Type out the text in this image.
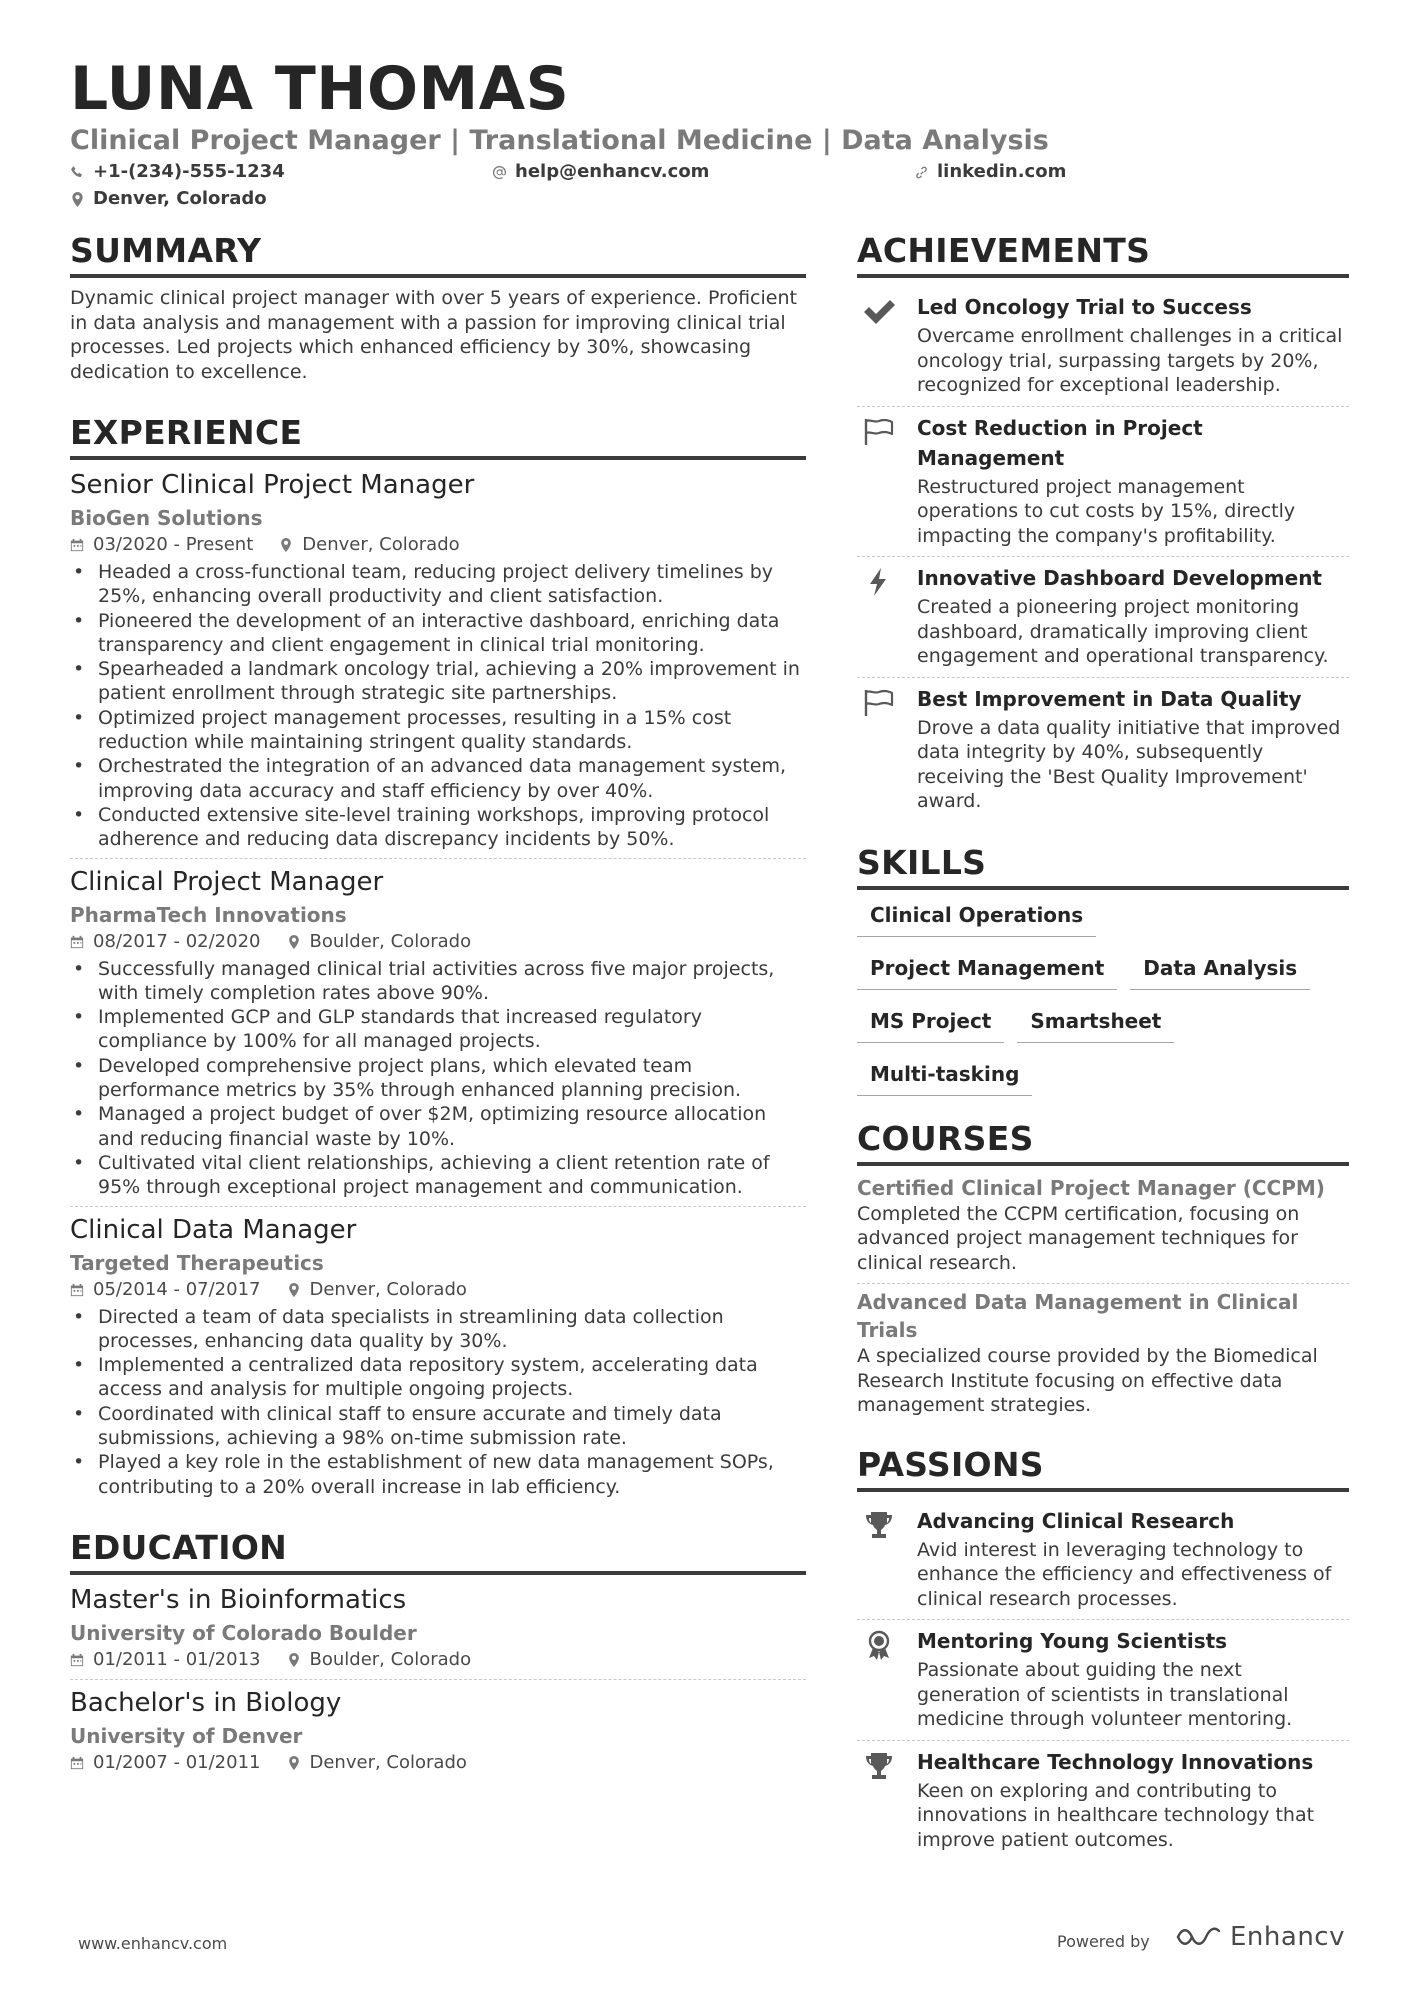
LUNA THOMAS
Clinical Project Manager | Translational Medicine | Data Analysis
+1-(234)-555-1234	help@enhancv.com	linkedin.com
Denver, Colorado
SUMMARY
Dynamic clinical project manager with over 5 years of experience. Proficient in data analysis and management with a passion for improving clinical trial processes. Led projects which enhanced efficiency by 30%, showcasing dedication to excellence.
EXPERIENCE
Senior Clinical Project Manager
BioGen Solutions
03/2020 - Present	Denver, Colorado
• Headed a cross-functional team, reducing project delivery timelines by 25%, enhancing overall productivity and client satisfaction.
• Pioneered the development of an interactive dashboard, enriching data transparency and client engagement in clinical trial monitoring.
• Spearheaded a landmark oncology trial, achieving a 20% improvement in patient enrollment through strategic site partnerships.
• Optimized project management processes, resulting in a 15% cost reduction while maintaining stringent quality standards.
• Orchestrated the integration of an advanced data management system, improving data accuracy and staff efficiency by over 40%.
• Conducted extensive site-level training workshops, improving protocol adherence and reducing data discrepancy incidents by 50%.
Clinical Project Manager
PharmaTech Innovations
08/2017 - 02/2020	Boulder, Colorado
• Successfully managed clinical trial activities across five major projects, with timely completion rates above 90%.
• Implemented GCP and GLP standards that increased regulatory compliance by 100% for all managed projects.
• Developed comprehensive project plans, which elevated team performance metrics by 35% through enhanced planning precision.
• Managed a project budget of over $2M, optimizing resource allocation and reducing financial waste by 10%.
• Cultivated vital client relationships, achieving a client retention rate of 95% through exceptional project management and communication.
Clinical Data Manager
Targeted Therapeutics
05/2014 - 07/2017	Denver, Colorado
• Directed a team of data specialists in streamlining data collection processes, enhancing data quality by 30%.
• Implemented a centralized data repository system, accelerating data access and analysis for multiple ongoing projects.
• Coordinated with clinical staff to ensure accurate and timely data submissions, achieving a 98% on-time submission rate.
• Played a key role in the establishment of new data management SOPs, contributing to a 20% overall increase in lab efficiency.
EDUCATION
Master's in Bioinformatics
University of Colorado Boulder
01/2011 - 01/2013	Boulder, Colorado
Bachelor's in Biology
University of Denver
01/2007 - 01/2011	Denver, Colorado
ACHIEVEMENTS
Led Oncology Trial to Success
Overcame enrollment challenges in a critical oncology trial, surpassing targets by 20%, recognized for exceptional leadership.
Cost Reduction in Project Management
Restructured project management operations to cut costs by 15%, directly impacting the company's profitability.
Innovative Dashboard Development
Created a pioneering project monitoring dashboard, dramatically improving client engagement and operational transparency.
Best Improvement in Data Quality
Drove a data quality initiative that improved data integrity by 40%, subsequently receiving the 'Best Quality Improvement' award.
SKILLS
Clinical Operations
Project Management	Data Analysis
MS Project	Smartsheet
Multi-tasking
COURSES
Certified Clinical Project Manager (CCPM)
Completed the CCPM certification, focusing on advanced project management techniques for clinical research.
Advanced Data Management in Clinical Trials
A specialized course provided by the Biomedical Research Institute focusing on effective data management strategies.
PASSIONS
Advancing Clinical Research
Avid interest in leveraging technology to enhance the efficiency and effectiveness of clinical research processes.
Mentoring Young Scientists
Passionate about guiding the next generation of scientists in translational medicine through volunteer mentoring.
Healthcare Technology Innovations
Keen on exploring and contributing to innovations in healthcare technology that improve patient outcomes.
www.enhancv.com	Powered by	Enhancv
